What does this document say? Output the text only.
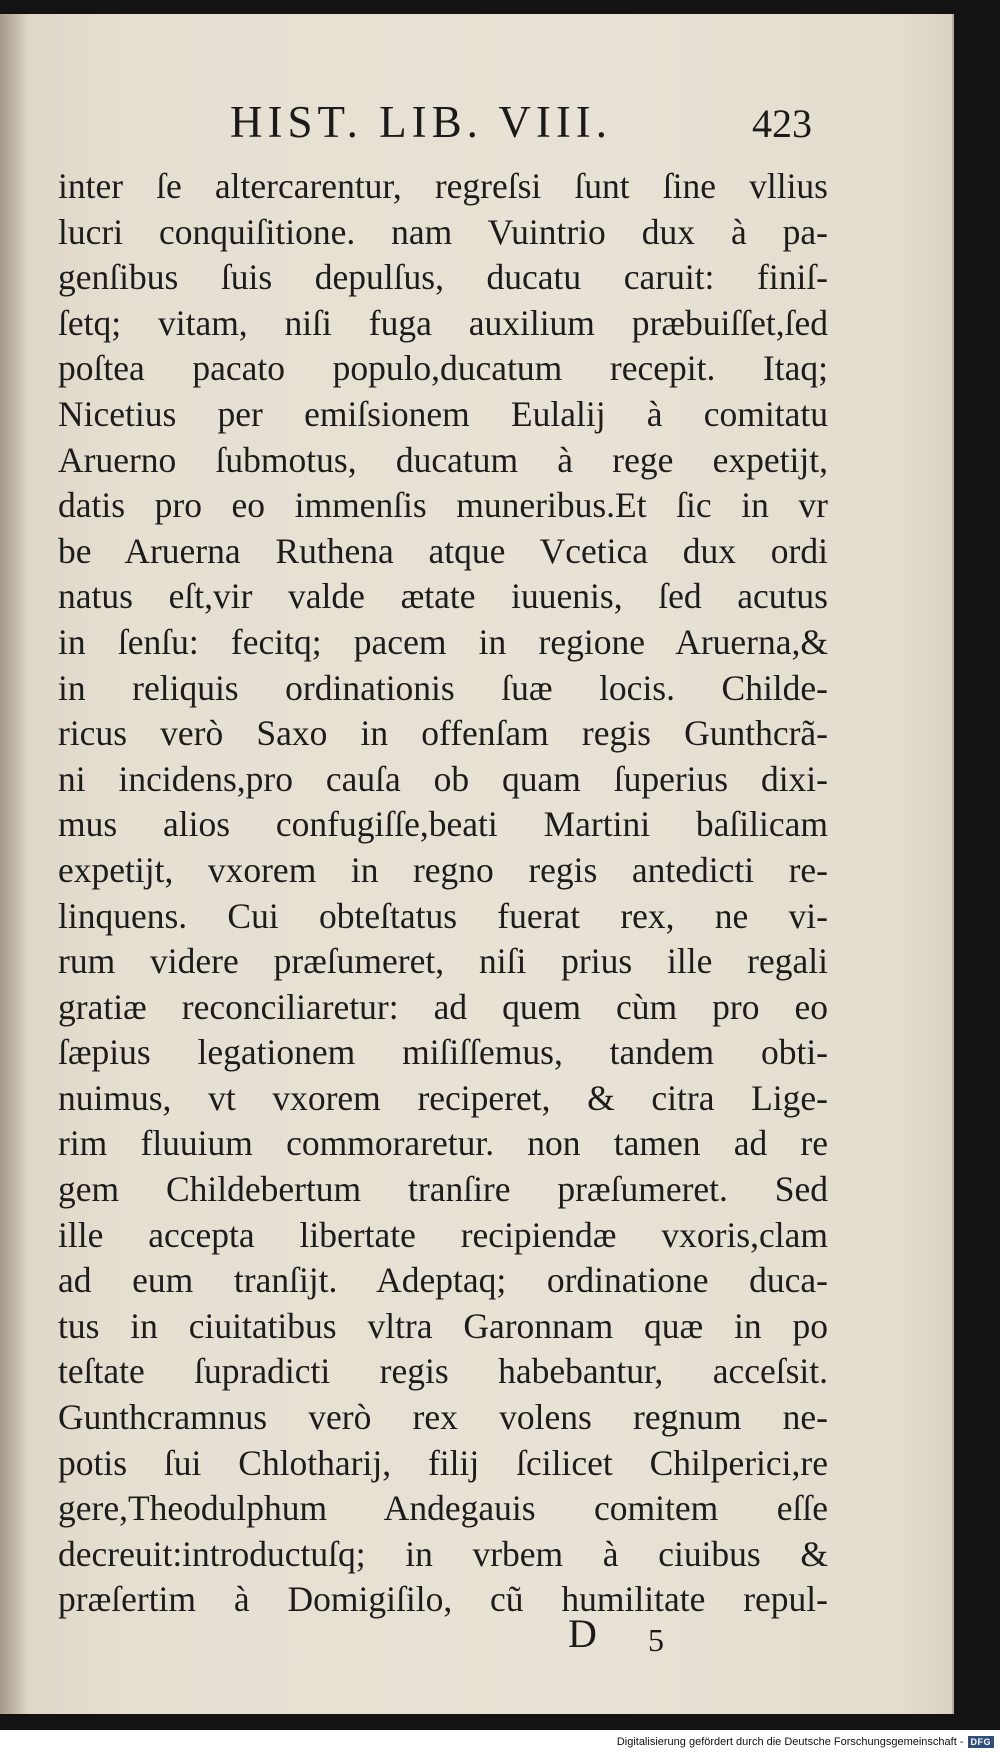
HIST. LIB. VIII.	423
inter ſe altercarentur, regreſsi ſunt ſine vllius
lucri conquiſitione. nam Vuintrio dux à pa-
genſibus ſuis depulſus, ducatu caruit: finiſ-
ſetq; vitam, niſi fuga auxilium præbuiſſet,ſed
poſtea pacato populo,ducatum recepit. Itaq;
Nicetius per emiſsionem Eulalij à comitatu
Aruerno ſubmotus, ducatum à rege expetijt,
datis pro eo immenſis muneribus.Et ſic in vr
be Aruerna Ruthena atque Vcetica dux ordi
natus eſt,vir valde ætate iuuenis, ſed acutus
in ſenſu: fecitq; pacem in regione Aruerna,&
in reliquis ordinationis ſuæ locis. Childe-
ricus verò Saxo in offenſam regis Gunthcrã-
ni incidens,pro cauſa ob quam ſuperius dixi-
mus alios confugiſſe,beati Martini baſilicam
expetijt, vxorem in regno regis antedicti re-
linquens. Cui obteſtatus fuerat rex, ne vi-
rum videre præſumeret, niſi prius ille regali
gratiæ reconciliaretur: ad quem cùm pro eo
ſæpius legationem miſiſſemus, tandem obti-
nuimus, vt vxorem reciperet, & citra Lige-
rim fluuium commoraretur. non tamen ad re
gem Childebertum tranſire præſumeret. Sed
ille accepta libertate recipiendæ vxoris,clam
ad eum tranſijt. Adeptaq; ordinatione duca-
tus in ciuitatibus vltra Garonnam quæ in po
teſtate ſupradicti regis habebantur, acceſsit.
Gunthcramnus verò rex volens regnum ne-
potis ſui Chlotharij, filij ſcilicet Chilperici,re
gere,Theodulphum Andegauis comitem eſſe
decreuit:introductuſq; in vrbem à ciuibus &
præſertim à Domigiſilo, cũ humilitate repul-
D 5
Digitalisierung gefördert durch die Deutsche Forschungsgemeinschaft - DFG
